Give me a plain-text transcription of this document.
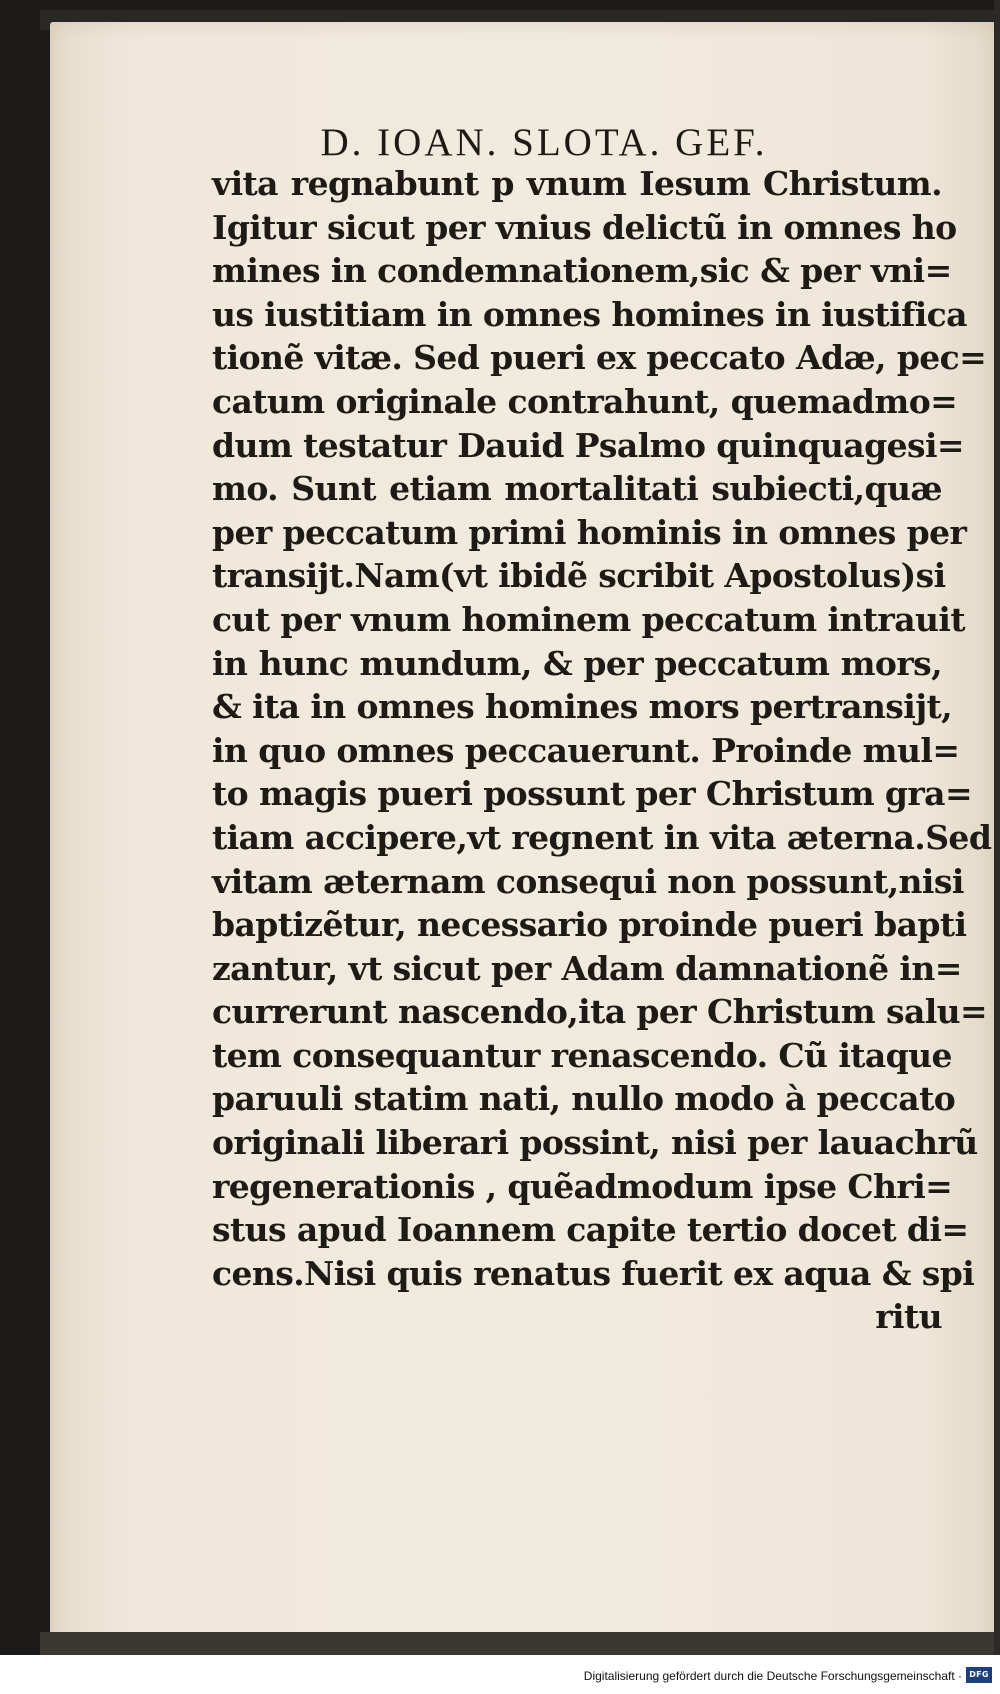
D. IOAN. SLOTA. GEF.
vita regnabunt p vnum Iesum Christum.
Igitur sicut per vnius delictũ in omnes ho
mines in condemnationem,sic & per vni=
us iustitiam in omnes homines in iustifica
tionẽ vitæ. Sed pueri ex peccato Adæ, pec=
catum originale contrahunt, quemadmo=
dum testatur Dauid Psalmo quinquagesi=
mo. Sunt etiam mortalitati subiecti,quæ
per peccatum primi hominis in omnes per
transijt.Nam(vt ibidẽ scribit Apostolus)si
cut per vnum hominem peccatum intrauit
in hunc mundum, & per peccatum mors,
& ita in omnes homines mors pertransijt,
in quo omnes peccauerunt. Proinde mul=
to magis pueri possunt per Christum gra=
tiam accipere,vt regnent in vita æterna.Sed
vitam æternam consequi non possunt,nisi
baptizẽtur, necessario proinde pueri bapti
zantur, vt sicut per Adam damnationẽ in=
currerunt nascendo,ita per Christum salu=
tem consequantur renascendo. Cũ itaque
paruuli statim nati, nullo modo à peccato
originali liberari possint, nisi per lauachrũ
regenerationis , quẽadmodum ipse Chri=
stus apud Ioannem capite tertio docet di=
cens.Nisi quis renatus fuerit ex aqua & spi
ritu
Digitalisierung gefördert durch die Deutsche Forschungsgemeinschaft · DFG
